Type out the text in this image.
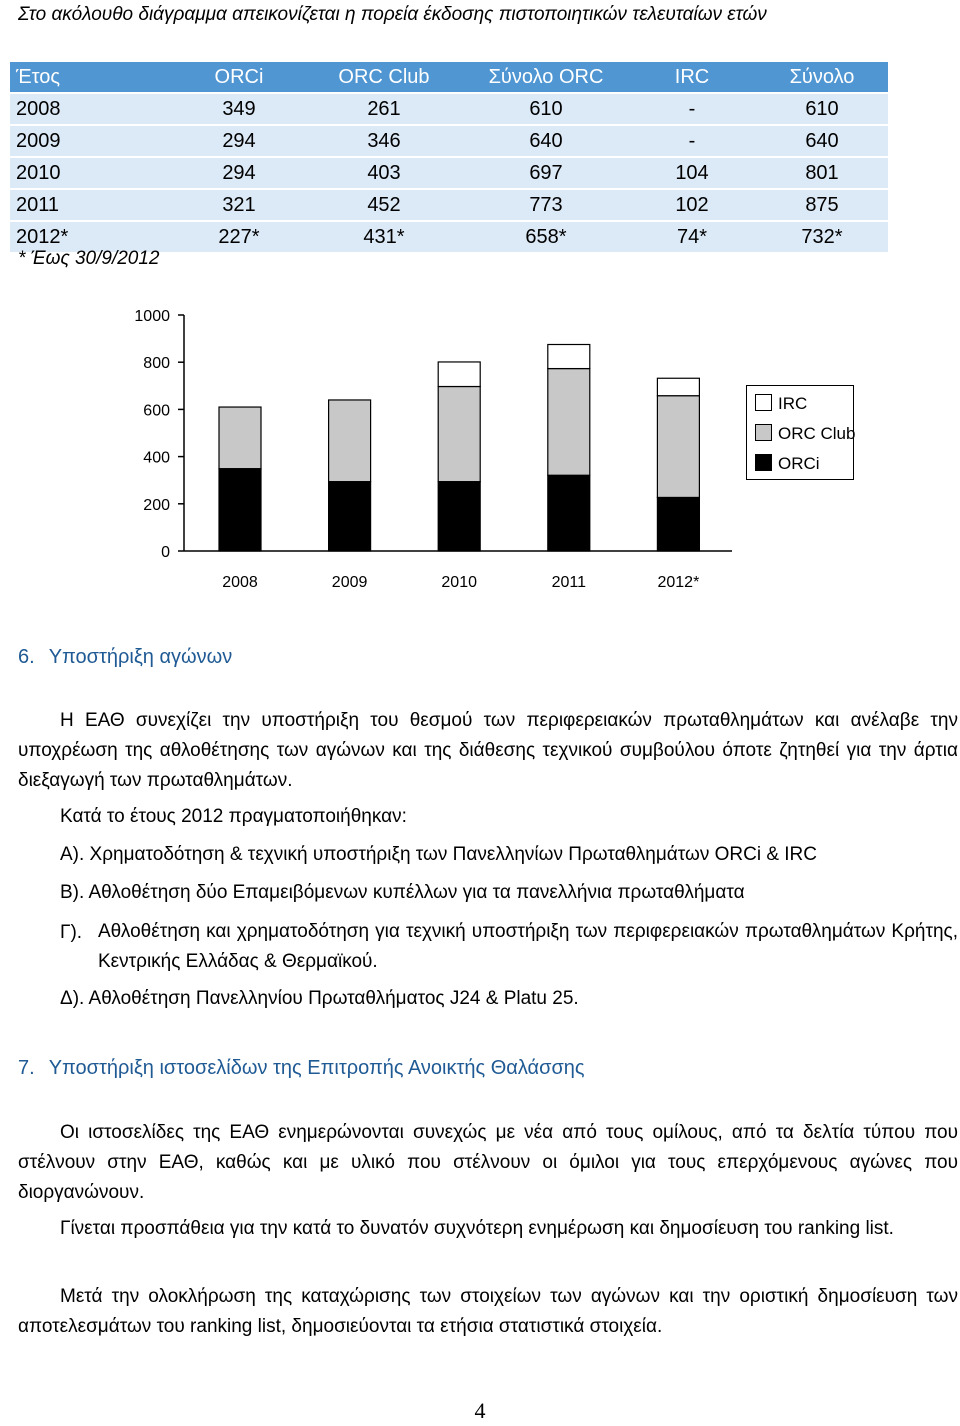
Στο ακόλουθο διάγραμμα απεικονίζεται η πορεία έκδοσης πιστοποιητικών τελευταίων ετών
Έτος	ORCi	ORC Club	Σύνολο ORC	IRC	Σύνολο
2008	349	261	610	-	610
2009	294	346	640	-	640
2010	294	403	697	104	801
2011	321	452	773	102	875
2012*	227*	431*	658*	74*	732*
* Έως 30/9/2012
0
200
400
600
800
1000
2008	2009	2010	2011	2012*
IRC
ORC Club
ORCi
6. Υποστήριξη αγώνων
Η ΕΑΘ συνεχίζει την υποστήριξη του θεσμού των περιφερειακών πρωταθλημάτων και ανέλαβε την υποχρέωση της αθλοθέτησης των αγώνων και της διάθεσης τεχνικού συμβούλου όποτε ζητηθεί για την άρτια διεξαγωγή των πρωταθλημάτων.
Κατά το έτους 2012 πραγματοποιήθηκαν:
Α). Χρηματοδότηση & τεχνική υποστήριξη των Πανελληνίων Πρωταθλημάτων ORCi & IRC
Β). Αθλοθέτηση δύο Επαμειβόμενων κυπέλλων για τα πανελλήνια πρωταθλήματα
Γ). Αθλοθέτηση και χρηματοδότηση για τεχνική υποστήριξη των περιφερειακών πρωταθλημάτων Κρήτης, Κεντρικής Ελλάδας & Θερμαϊκού.
Δ). Αθλοθέτηση Πανελληνίου Πρωταθλήματος J24 & Platu 25.
7. Υποστήριξη ιστοσελίδων της Επιτροπής Ανοικτής Θαλάσσης
Οι ιστοσελίδες της ΕΑΘ ενημερώνονται συνεχώς με νέα από τους ομίλους, από τα δελτία τύπου που στέλνουν στην ΕΑΘ, καθώς και με υλικό που στέλνουν οι όμιλοι για τους επερχόμενους αγώνες που διοργανώνουν.
Γίνεται προσπάθεια για την κατά το δυνατόν συχνότερη ενημέρωση και δημοσίευση του ranking list.
Μετά την ολοκλήρωση της καταχώρισης των στοιχείων των αγώνων και την οριστική δημοσίευση των αποτελεσμάτων του ranking list, δημοσιεύονται τα ετήσια στατιστικά στοιχεία.
4
